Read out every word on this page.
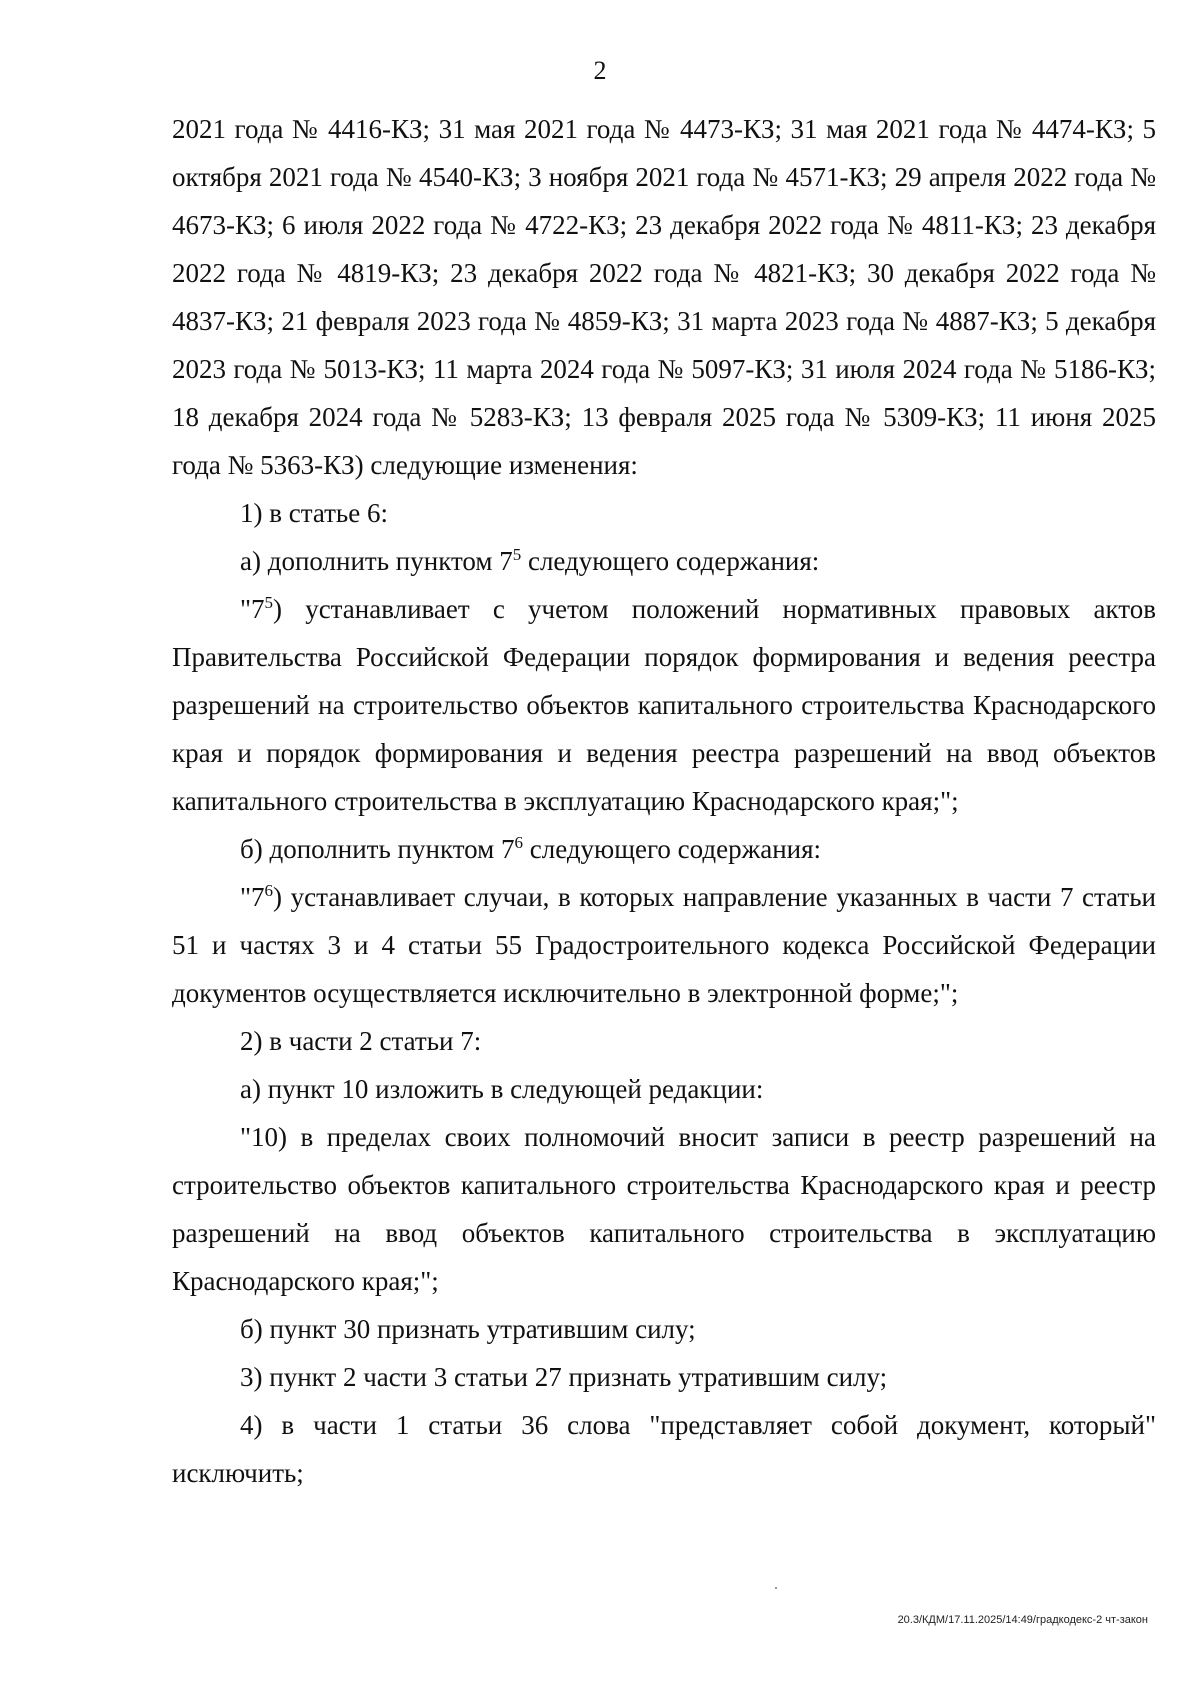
2

2021 года № 4416-КЗ; 31 мая 2021 года № 4473-КЗ; 31 мая 2021 года № 4474-КЗ; 5 октября 2021 года № 4540-КЗ; 3 ноября 2021 года № 4571-КЗ; 29 апреля 2022 года № 4673-КЗ; 6 июля 2022 года № 4722-КЗ; 23 декабря 2022 года № 4811-КЗ; 23 декабря 2022 года № 4819-КЗ; 23 декабря 2022 года № 4821-КЗ; 30 декабря 2022 года № 4837-КЗ; 21 февраля 2023 года № 4859-КЗ; 31 марта 2023 года № 4887-КЗ; 5 декабря 2023 года № 5013-КЗ; 11 марта 2024 года № 5097-КЗ; 31 июля 2024 года № 5186-КЗ; 18 декабря 2024 года № 5283-КЗ; 13 февраля 2025 года № 5309-КЗ; 11 июня 2025 года № 5363-КЗ) следующие изменения:

1) в статье 6:

а) дополнить пунктом $7^5$ следующего содержания:

"$7^5$) устанавливает с учетом положений нормативных правовых актов Правительства Российской Федерации порядок формирования и ведения реестра разрешений на строительство объектов капитального строительства Краснодарского края и порядок формирования и ведения реестра разрешений на ввод объектов капитального строительства в эксплуатацию Краснодарского края;";

б) дополнить пунктом $7^6$ следующего содержания:

"$7^6$) устанавливает случаи, в которых направление указанных в части 7 статьи 51 и частях 3 и 4 статьи 55 Градостроительного кодекса Российской Федерации документов осуществляется исключительно в электронной форме;";

2) в части 2 статьи 7:

а) пункт 10 изложить в следующей редакции:

"10) в пределах своих полномочий вносит записи в реестр разрешений на строительство объектов капитального строительства Краснодарского края и реестр разрешений на ввод объектов капитального строительства в эксплуатацию Краснодарского края;";

б) пункт 30 признать утратившим силу;

3) пункт 2 части 3 статьи 27 признать утратившим силу;

4) в части 1 статьи 36 слова "представляет собой документ, который" исключить;

20.3/КДМ/17.11.2025/14:49/градкодекс-2 чт-закон
